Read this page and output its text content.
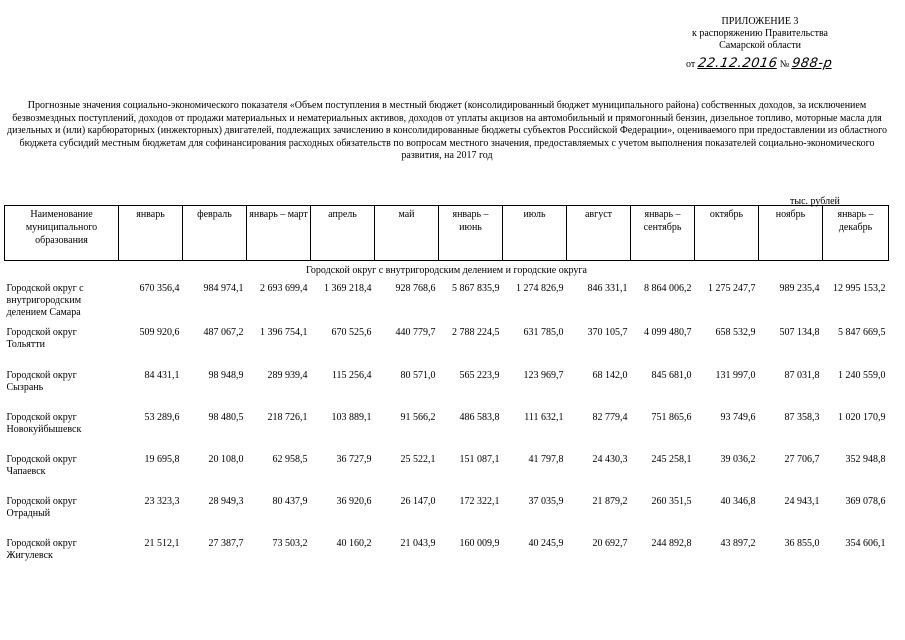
ПРИЛОЖЕНИЕ 3
к распоряжению Правительства
Самарской области
от 22.12.2016 № 988-р
Прогнозные значения социально-экономического показателя «Объем поступления в местный бюджет (консолидированный бюджет муниципального района) собственных доходов, за исключением безвозмездных поступлений, доходов от продажи материальных и нематериальных активов, доходов от уплаты акцизов на автомобильный и прямогонный бензин, дизельное топливо, моторные масла для дизельных и (или) карбюраторных (инжекторных) двигателей, подлежащих зачислению в консолидированные бюджеты субъектов Российской Федерации», оцениваемого при предоставлении из областного бюджета субсидий местным бюджетам для софинансирования расходных обязательств по вопросам местного значения, предоставляемых с учетом выполнения показателей социально-экономического развития, на 2017 год
тыс. рублей
Наименование муниципального образования	январь	февраль	январь – март	апрель	май	январь – июнь	июль	август	январь – сентябрь	октябрь	ноябрь	январь – декабрь
Городской округ с внутригородским делением и городские округа												
Городской округ с внутригородским делением Самара	670 356,4	984 974,1	2 693 699,4	1 369 218,4	928 768,6	5 867 835,9	1 274 826,9	846 331,1	8 864 006,2	1 275 247,7	989 235,4	12 995 153,2
Городской округ Тольятти	509 920,6	487 067,2	1 396 754,1	670 525,6	440 779,7	2 788 224,5	631 785,0	370 105,7	4 099 480,7	658 532,9	507 134,8	5 847 669,5
Городской округ Сызрань	84 431,1	98 948,9	289 939,4	115 256,4	80 571,0	565 223,9	123 969,7	68 142,0	845 681,0	131 997,0	87 031,8	1 240 559,0
Городской округ Новокуйбышевск	53 289,6	98 480,5	218 726,1	103 889,1	91 566,2	486 583,8	111 632,1	82 779,4	751 865,6	93 749,6	87 358,3	1 020 170,9
Городской округ Чапаевск	19 695,8	20 108,0	62 958,5	36 727,9	25 522,1	151 087,1	41 797,8	24 430,3	245 258,1	39 036,2	27 706,7	352 948,8
Городской округ Отрадный	23 323,3	28 949,3	80 437,9	36 920,6	26 147,0	172 322,1	37 035,9	21 879,2	260 351,5	40 346,8	24 943,1	369 078,6
Городской округ Жигулевск	21 512,1	27 387,7	73 503,2	40 160,2	21 043,9	160 009,9	40 245,9	20 692,7	244 892,8	43 897,2	36 855,0	354 606,1
